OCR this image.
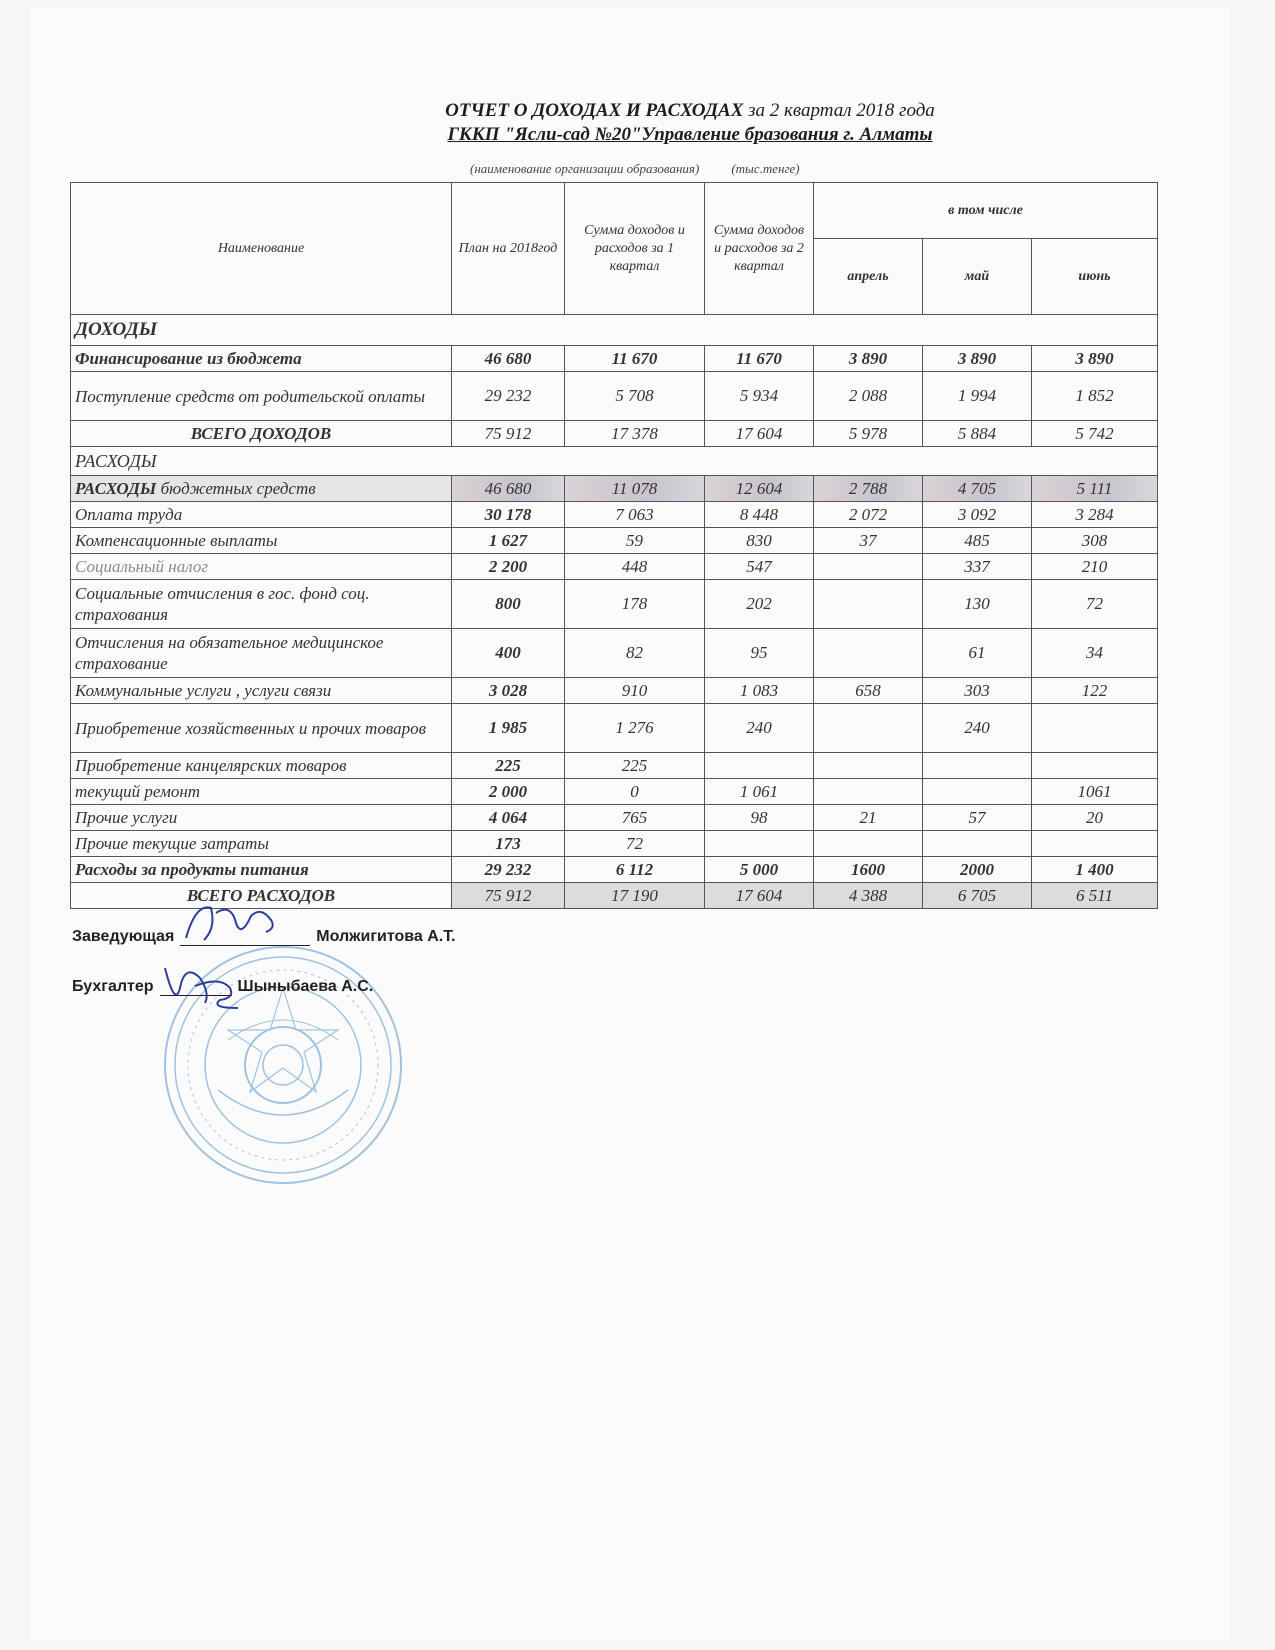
ОТЧЕТ О ДОХОДАХ И РАСХОДАХ за 2 квартал 2018 года
ГККП "Ясли-сад №20"Управление бразования г. Алматы
(наименование организации образования) (тыс.тенге)
Наименование	План на 2018год	Сумма доходов и расходов за 1 квартал	Сумма доходов и расходов за 2 квартал	в том числе		
				апрель	май	июнь
ДОХОДЫ						
Финансирование из бюджета	46 680	11 670	11 670	3 890	3 890	3 890
Поступление средств от родительской оплаты	29 232	5 708	5 934	2 088	1 994	1 852
ВСЕГО ДОХОДОВ	75 912	17 378	17 604	5 978	5 884	5 742
РАСХОДЫ						
РАСХОДЫ бюджетных средств	46 680	11 078	12 604	2 788	4 705	5 111
Оплата труда	30 178	7 063	8 448	2 072	3 092	3 284
Компенсационные выплаты	1 627	59	830	37	485	308
Социальный налог	2 200	448	547		337	210
Социальные отчисления в гос. фонд соц. страхования	800	178	202		130	72
Отчисления на обязательное медицинское страхование	400	82	95		61	34
Коммунальные услуги , услуги связи	3 028	910	1 083	658	303	122
Приобретение хозяйственных и прочих товаров	1 985	1 276	240		240	
Приобретение канцелярских товаров	225	225				
текущий ремонт	2 000	0	1 061			1061
Прочие услуги	4 064	765	98	21	57	20
Прочие текущие затраты	173	72				
Расходы за продукты питания	29 232	6 112	5 000	1600	2000	1 400
ВСЕГО РАСХОДОВ	75 912	17 190	17 604	4 388	6 705	6 511
Заведующая	Молжигитова А.Т.
Бухгалтер	Шыныбаева А.С.
